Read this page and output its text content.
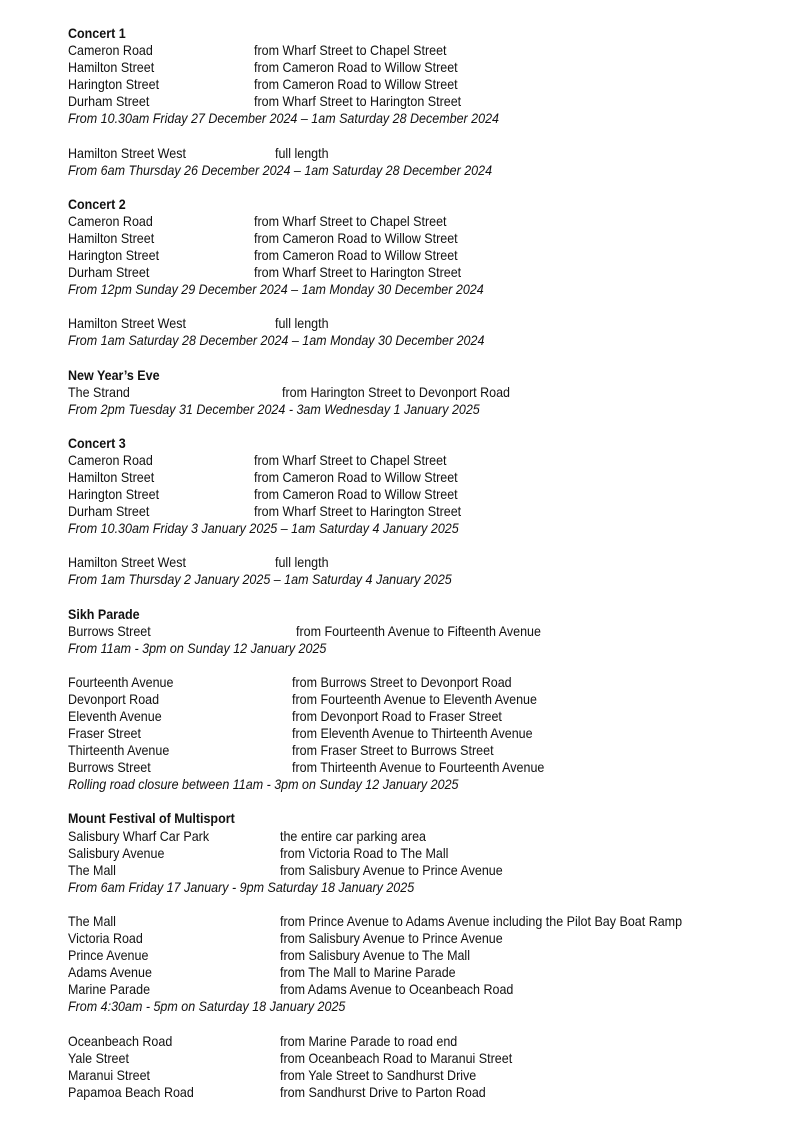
Concert 1
Cameron Road	from Wharf Street to Chapel Street
Hamilton Street	from Cameron Road to Willow Street
Harington Street	from Cameron Road to Willow Street
Durham Street	from Wharf Street to Harington Street
From 10.30am Friday 27 December 2024 – 1am Saturday 28 December 2024
Hamilton Street West	full length
From 6am Thursday 26 December 2024 – 1am Saturday 28 December 2024
Concert 2
Cameron Road	from Wharf Street to Chapel Street
Hamilton Street	from Cameron Road to Willow Street
Harington Street	from Cameron Road to Willow Street
Durham Street	from Wharf Street to Harington Street
From 12pm Sunday 29 December 2024 – 1am Monday 30 December 2024
Hamilton Street West	full length
From 1am Saturday 28 December 2024 – 1am Monday 30 December 2024
New Year’s Eve
The Strand	from Harington Street to Devonport Road
From 2pm Tuesday 31 December 2024 - 3am Wednesday 1 January 2025
Concert 3
Cameron Road	from Wharf Street to Chapel Street
Hamilton Street	from Cameron Road to Willow Street
Harington Street	from Cameron Road to Willow Street
Durham Street	from Wharf Street to Harington Street
From 10.30am Friday 3 January 2025 – 1am Saturday 4 January 2025
Hamilton Street West	full length
From 1am Thursday 2 January 2025 – 1am Saturday 4 January 2025
Sikh Parade
Burrows Street	from Fourteenth Avenue to Fifteenth Avenue
From 11am - 3pm on Sunday 12 January 2025
Fourteenth Avenue	from Burrows Street to Devonport Road
Devonport Road	from Fourteenth Avenue to Eleventh Avenue
Eleventh Avenue	from Devonport Road to Fraser Street
Fraser Street	from Eleventh Avenue to Thirteenth Avenue
Thirteenth Avenue	from Fraser Street to Burrows Street
Burrows Street	from Thirteenth Avenue to Fourteenth Avenue
Rolling road closure between 11am - 3pm on Sunday 12 January 2025
Mount Festival of Multisport
Salisbury Wharf Car Park	the entire car parking area
Salisbury Avenue	from Victoria Road to The Mall
The Mall	from Salisbury Avenue to Prince Avenue
From 6am Friday 17 January - 9pm Saturday 18 January 2025
The Mall	from Prince Avenue to Adams Avenue including the Pilot Bay Boat Ramp
Victoria Road	from Salisbury Avenue to Prince Avenue
Prince Avenue	from Salisbury Avenue to The Mall
Adams Avenue	from The Mall to Marine Parade
Marine Parade	from Adams Avenue to Oceanbeach Road
From 4:30am - 5pm on Saturday 18 January 2025
Oceanbeach Road	from Marine Parade to road end
Yale Street	from Oceanbeach Road to Maranui Street
Maranui Street	from Yale Street to Sandhurst Drive
Papamoa Beach Road	from Sandhurst Drive to Parton Road
